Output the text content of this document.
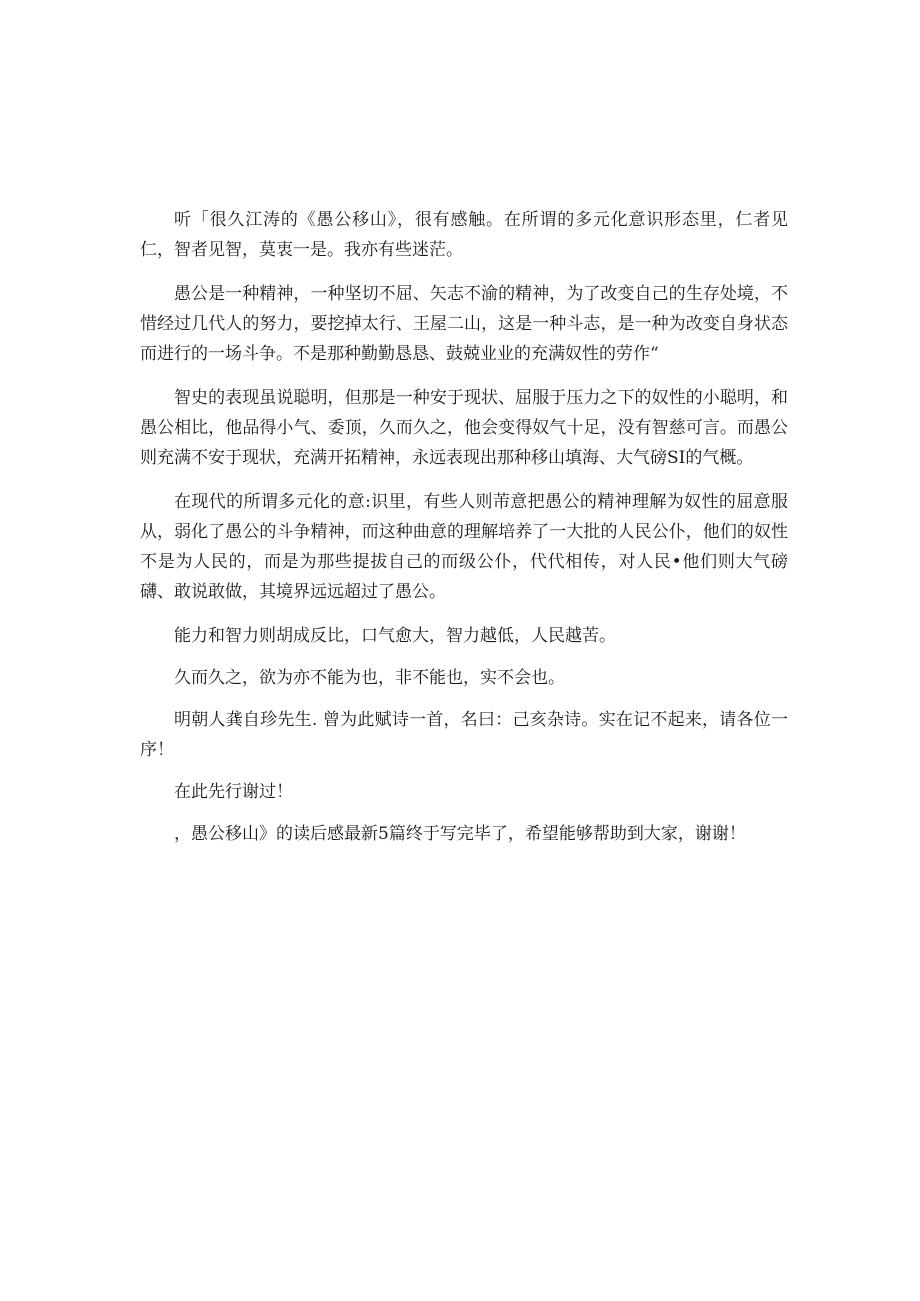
听「很久江涛的《愚公移山》，很有感触。在所谓的多元化意识形态里，仁者见仁，智者见智，莫衷一是。我亦有些迷茫。

愚公是一种精神，一种坚切不屈、矢志不渝的精神，为了改变自己的生存处境，不惜经过几代人的努力，要挖掉太行、王屋二山，这是一种斗志，是一种为改变自身状态而进行的一场斗争。不是那种勤勤恳恳、鼓兢业业的充满奴性的劳作“

智史的表现虽说聪明，但那是一种安于现状、屈服于压力之下的奴性的小聪明，和愚公相比，他品得小气、委顶，久而久之，他会变得奴气十足，没有智慈可言。而愚公则充满不安于现状，充满开拓精神，永远表现出那种移山填海、大气磅SI的气概。

在现代的所谓多元化的意:识里，有些人则芾意把愚公的精神理解为奴性的屈意服从，弱化了愚公的斗争精神，而这种曲意的理解培养了一大批的人民公仆，他们的奴性不是为人民的，而是为那些提拔自己的而级公仆，代代相传，对人民•他们则大气磅礴、敢说敢做，其境界远远超过了愚公。

能力和智力则胡成反比，口气愈大，智力越低，人民越苦。

久而久之，欲为亦不能为也，非不能也，实不会也。

明朝人龚自珍先生. 曾为此赋诗一首，名曰：己亥杂诗。实在记不起来，请各位一序！

在此先行谢过！

，愚公移山》的读后感最新5篇终于写完毕了，希望能够帮助到大家，谢谢！
